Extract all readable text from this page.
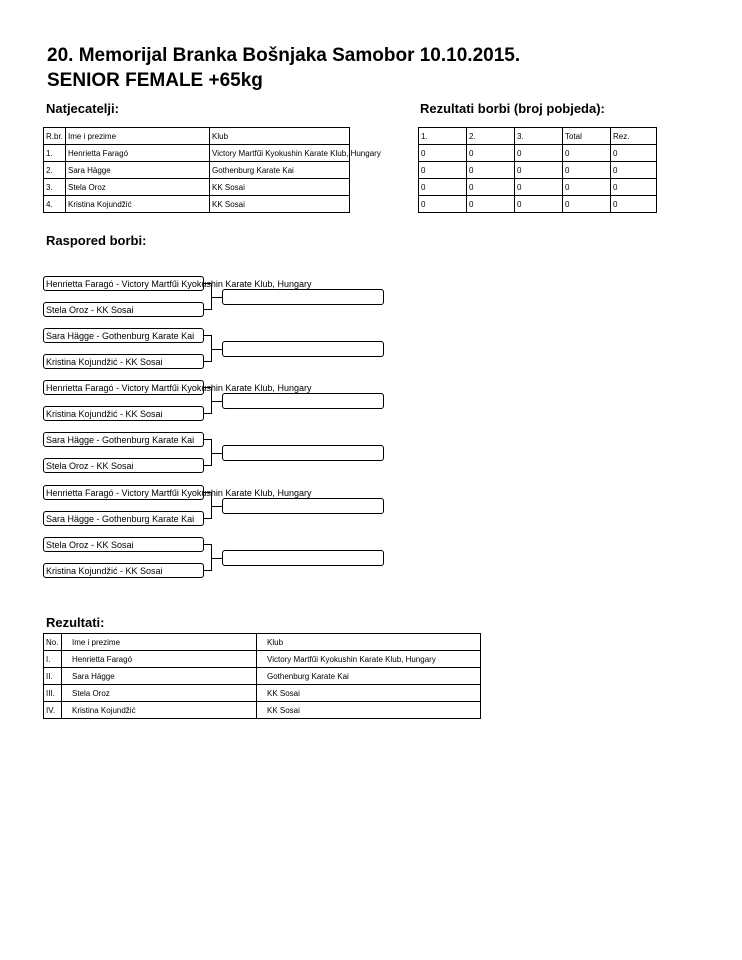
20. Memorijal Branka Bošnjaka Samobor 10.10.2015.
SENIOR FEMALE +65kg
Natjecatelji:	Rezultati borbi (broj pobjeda):
R.br.	Ime i prezime	Klub
1.	Henrietta Faragó	Victory Martfűi Kyokushin Karate Klub, Hungary
2.	Sara Hägge	Gothenburg Karate Kai
3.	Stela Oroz	KK Sosai
4.	Kristina Kojundžić	KK Sosai
1.	2.	3.	Total	Rez.
0	0	0	0	0
0	0	0	0	0
0	0	0	0	0
0	0	0	0	0
Raspored borbi:
Henrietta Faragó - Victory Martfűi Kyokushin Karate Klub, Hungary
Stela Oroz - KK Sosai
Sara Hägge - Gothenburg Karate Kai
Kristina Kojundžić - KK Sosai
Henrietta Faragó - Victory Martfűi Kyokushin Karate Klub, Hungary
Kristina Kojundžić - KK Sosai
Sara Hägge - Gothenburg Karate Kai
Stela Oroz - KK Sosai
Henrietta Faragó - Victory Martfűi Kyokushin Karate Klub, Hungary
Sara Hägge - Gothenburg Karate Kai
Stela Oroz - KK Sosai
Kristina Kojundžić - KK Sosai
Rezultati:
No.	Ime i prezime	Klub
I.	Henrietta Faragó	Victory Martfűi Kyokushin Karate Klub, Hungary
II.	Sara Hägge	Gothenburg Karate Kai
III.	Stela Oroz	KK Sosai
IV.	Kristina Kojundžić	KK Sosai
